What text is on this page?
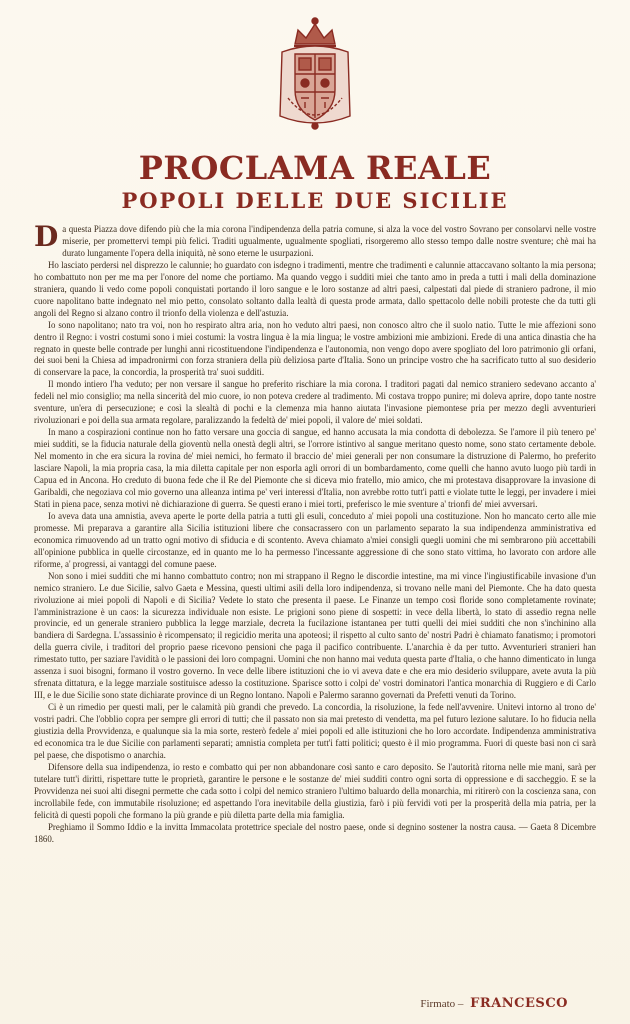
PROCLAMA REALE
POPOLI DELLE DUE SICILIE

Da questa Piazza dove difendo più che la mia corona l'indipendenza della patria comune, si alza la voce del vostro Sovrano per consolarvi nelle vostre miserie, per promettervi tempi più felici. Traditi ugualmente, ugualmente spogliati, risorgeremo allo stesso tempo dalle nostre sventure; chè mai ha durato lungamente l'opera della iniquità, nè sono eterne le usurpazioni.

Ho lasciato perdersi nel disprezzo le calunnie; ho guardato con isdegno i tradimenti, mentre che tradimenti e calunnie attaccavano soltanto la mia persona; ho combattuto non per me ma per l'onore del nome che portiamo. Ma quando veggo i sudditi miei che tanto amo in preda a tutti i mali della dominazione straniera, quando li vedo come popoli conquistati portando il loro sangue e le loro sostanze ad altri paesi, calpestati dal piede di straniero padrone, il mio cuore napolitano batte indegnato nel mio petto, consolato soltanto dalla lealtà di questa prode armata, dallo spettacolo delle nobili proteste che da tutti gli angoli del Regno si alzano contro il trionfo della violenza e dell'astuzia.

Io sono napolitano; nato tra voi, non ho respirato altra aria, non ho veduto altri paesi, non conosco altro che il suolo natio. Tutte le mie affezioni sono dentro il Regno: i vostri costumi sono i miei costumi: la vostra lingua è la mia lingua; le vostre ambizioni mie ambizioni. Erede di una antica dinastia che ha regnato in queste belle contrade per lunghi anni ricostituendone l'indipendenza e l'autonomia, non vengo dopo avere spogliato del loro patrimonio gli orfani, dei suoi beni la Chiesa ad impadronirmi con forza straniera della più deliziosa parte d'Italia. Sono un principe vostro che ha sacrificato tutto al suo desiderio di conservare la pace, la concordia, la prosperità tra' suoi sudditi.

Il mondo intiero l'ha veduto; per non versare il sangue ho preferito rischiare la mia corona. I traditori pagati dal nemico straniero sedevano accanto a' fedeli nel mio consiglio; ma nella sincerità del mio cuore, io non poteva credere al tradimento. Mi costava troppo punire; mi doleva aprire, dopo tante nostre sventure, un'era di persecuzione; e così la slealtà di pochi e la clemenza mia hanno aiutata l'invasione piemontese pria per mezzo degli avventurieri rivoluzionari e poi della sua armata regolare, paralizzando la fedeltà de' miei popoli, il valore de' miei soldati.

In mano a cospirazioni continue non ho fatto versare una goccia di sangue, ed hanno accusata la mia condotta di debolezza. Se l'amore il più tenero pe' miei sudditi, se la fiducia naturale della gioventù nella onestà degli altri, se l'orrore istintivo al sangue meritano questo nome, sono stato certamente debole. Nel momento in che era sicura la rovina de' miei nemici, ho fermato il braccio de' miei generali per non consumare la distruzione di Palermo, ho preferito lasciare Napoli, la mia propria casa, la mia diletta capitale per non esporla agli orrori di un bombardamento, come quelli che hanno avuto luogo più tardi in Capua ed in Ancona. Ho creduto di buona fede che il Re del Piemonte che si diceva mio fratello, mio amico, che mi protestava disapprovare la invasione di Garibaldi, che negoziava col mio governo una alleanza intima pe' veri interessi d'Italia, non avrebbe rotto tutt'i patti e violate tutte le leggi, per invadere i miei Stati in piena pace, senza motivi nè dichiarazione di guerra. Se questi erano i miei torti, preferisco le mie sventure a' trionfi de' miei avversari.

Io aveva data una amnistia, aveva aperte le porte della patria a tutti gli esuli, conceduto a' miei popoli una costituzione. Non ho mancato certo alle mie promesse. Mi preparava a garantire alla Sicilia istituzioni libere che consacrassero con un parlamento separato la sua indipendenza amministrativa ed economica rimuovendo ad un tratto ogni motivo di sfiducia e di scontento. Aveva chiamato a'miei consigli quegli uomini che mi sembrarono più accettabili all'opinione pubblica in quelle circostanze, ed in quanto me lo ha permesso l'incessante aggressione di che sono stato vittima, ho lavorato con ardore alle riforme, a' progressi, ai vantaggi del comune paese.

Non sono i miei sudditi che mi hanno combattuto contro; non mi strappano il Regno le discordie intestine, ma mi vince l'ingiustificabile invasione d'un nemico straniero. Le due Sicilie, salvo Gaeta e Messina, questi ultimi asili della loro indipendenza, si trovano nelle mani del Piemonte. Che ha dato questa rivoluzione ai miei popoli di Napoli e di Sicilia? Vedete lo stato che presenta il paese. Le Finanze un tempo così floride sono completamente rovinate; l'amministrazione è un caos: la sicurezza individuale non esiste. Le prigioni sono piene di sospetti: in vece della libertà, lo stato di assedio regna nelle provincie, ed un generale straniero pubblica la legge marziale, decreta la fucilazione istantanea per tutti quelli dei miei sudditi che non s'inchinino alla bandiera di Sardegna. L'assassinio è ricompensato; il regicidio merita una apoteosi; il rispetto al culto santo de' nostri Padri è chiamato fanatismo; i promotori della guerra civile, i traditori del proprio paese ricevono pensioni che paga il pacifico contribuente. L'anarchia è da per tutto. Avventurieri stranieri han rimestato tutto, per saziare l'avidità o le passioni dei loro compagni. Uomini che non hanno mai veduta questa parte d'Italia, o che hanno dimenticato in lunga assenza i suoi bisogni, formano il vostro governo. In vece delle libere istituzioni che io vi aveva date e che era mio desiderio sviluppare, avete avuta la più sfrenata dittatura, e la legge marziale sostituisce adesso la costituzione. Sparisce sotto i colpi de' vostri dominatori l'antica monarchia di Ruggiero e di Carlo III, e le due Sicilie sono state dichiarate province di un Regno lontano. Napoli e Palermo saranno governati da Prefetti venuti da Torino.

Ci è un rimedio per questi mali, per le calamità più grandi che prevedo. La concordia, la risoluzione, la fede nell'avvenire. Unitevi intorno al trono de' vostri padri. Che l'obblio copra per sempre gli errori di tutti; che il passato non sia mai pretesto di vendetta, ma pel futuro lezione salutare. Io ho fiducia nella giustizia della Provvidenza, e qualunque sia la mia sorte, resterò fedele a' miei popoli ed alle istituzioni che ho loro accordate. Indipendenza amministrativa ed economica tra le due Sicilie con parlamenti separati; amnistia completa per tutt'i fatti politici; questo è il mio programma. Fuori di queste basi non ci sarà pel paese, che dispotismo o anarchia.

Difensore della sua indipendenza, io resto e combatto qui per non abbandonare così santo e caro deposito. Se l'autorità ritorna nelle mie mani, sarà per tutelare tutt'i diritti, rispettare tutte le proprietà, garantire le persone e le sostanze de' miei sudditi contro ogni sorta di oppressione e di saccheggio. E se la Provvidenza nei suoi alti disegni permette che cada sotto i colpi del nemico straniero l'ultimo baluardo della monarchia, mi ritirerò con la coscienza sana, con incrollabile fede, con immutabile risoluzione; ed aspettando l'ora inevitabile della giustizia, farò i più fervidi voti per la prosperità della mia patria, per la felicità di questi popoli che formano la più grande e più diletta parte della mia famiglia.

Preghiamo il Sommo Iddio e la invitta Immacolata protettrice speciale del nostro paese, onde si degnino sostener la nostra causa. — Gaeta 8 Dicembre 1860.

Firmato – FRANCESCO
